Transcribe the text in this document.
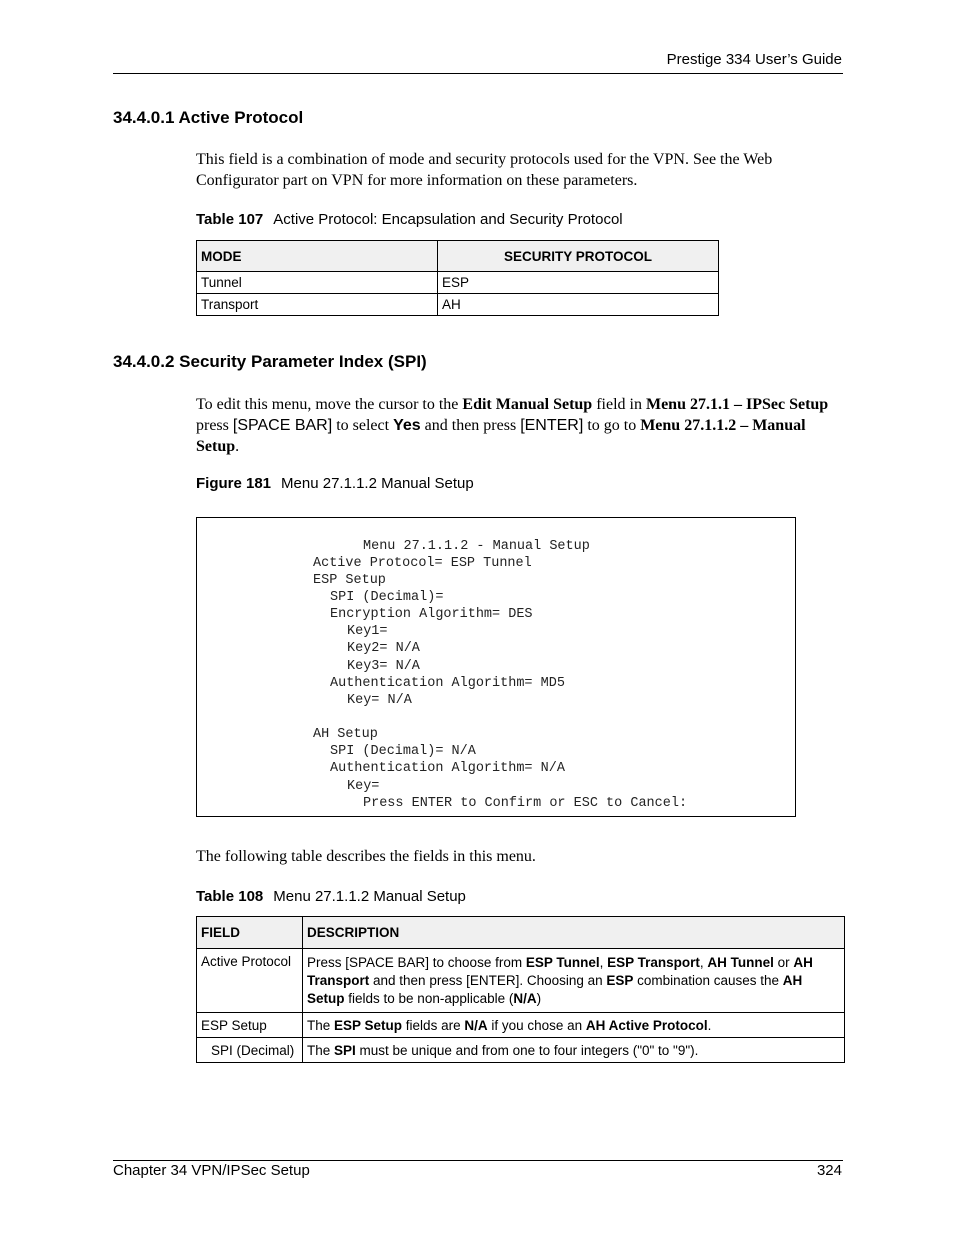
Prestige 334 User’s Guide
34.4.0.1 Active Protocol
This field is a combination of mode and security protocols used for the VPN. See the Web Configurator part on VPN for more information on these parameters.
Table 107 Active Protocol: Encapsulation and Security Protocol
MODE	SECURITY PROTOCOL
Tunnel	ESP
Transport	AH
34.4.0.2 Security Parameter Index (SPI)
To edit this menu, move the cursor to the Edit Manual Setup field in Menu 27.1.1 – IPSec Setup press [SPACE BAR] to select Yes and then press [ENTER] to go to Menu 27.1.1.2 – Manual Setup.
Figure 181 Menu 27.1.1.2 Manual Setup
Menu 27.1.1.2 - Manual Setup
Active Protocol= ESP Tunnel
ESP Setup
SPI (Decimal)=
Encryption Algorithm= DES
Key1=
Key2= N/A
Key3= N/A
Authentication Algorithm= MD5
Key= N/A
AH Setup
SPI (Decimal)= N/A
Authentication Algorithm= N/A
Key=
Press ENTER to Confirm or ESC to Cancel:
The following table describes the fields in this menu.
Table 108 Menu 27.1.1.2 Manual Setup
FIELD	DESCRIPTION
Active Protocol	Press [SPACE BAR] to choose from ESP Tunnel, ESP Transport, AH Tunnel or AH Transport and then press [ENTER]. Choosing an ESP combination causes the AH Setup fields to be non-applicable (N/A)
ESP Setup	The ESP Setup fields are N/A if you chose an AH Active Protocol.
SPI (Decimal)	The SPI must be unique and from one to four integers ("0" to "9").
Chapter 34 VPN/IPSec Setup	324
